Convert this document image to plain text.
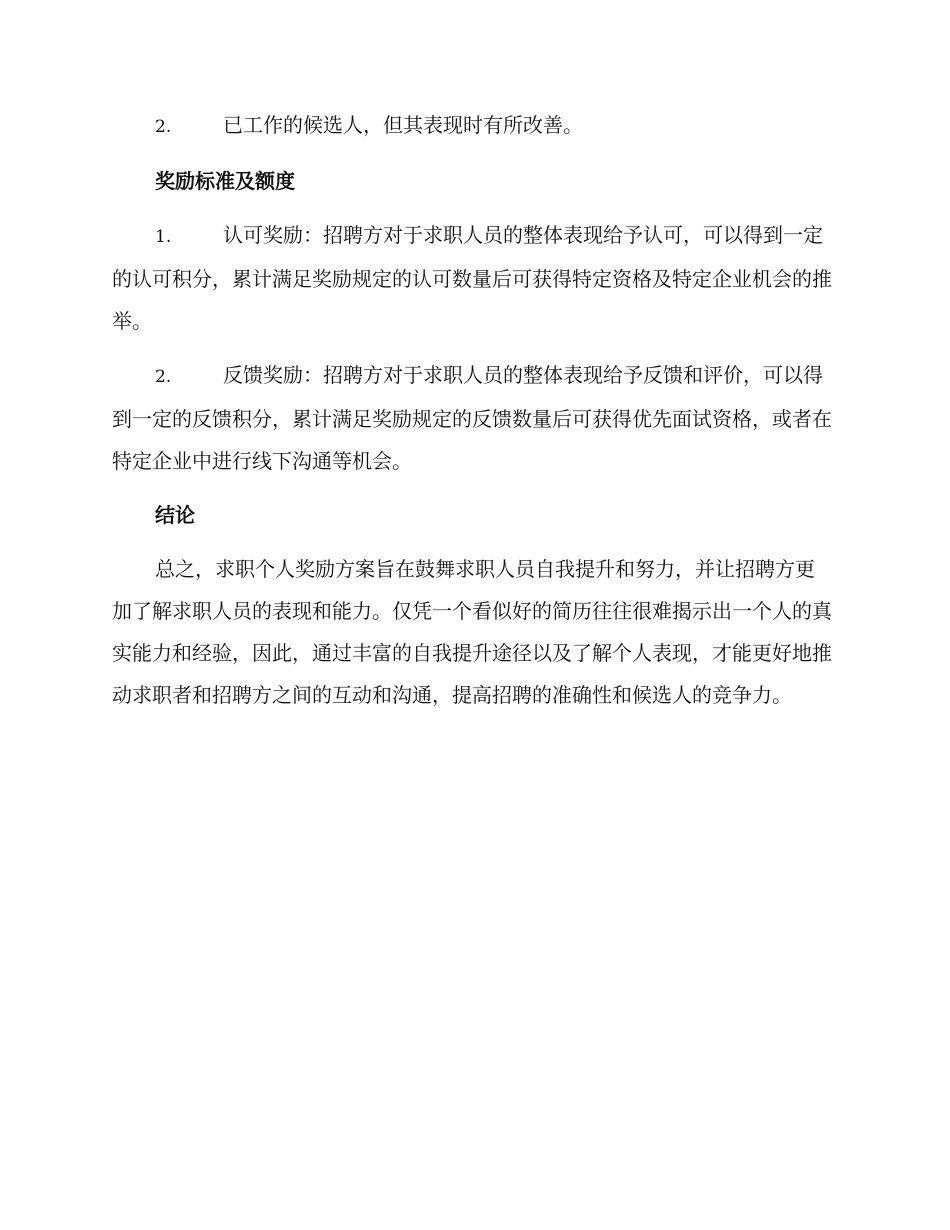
2.	已工作的候选人，但其表现时有所改善。

奖励标准及额度

1.	认可奖励：招聘方对于求职人员的整体表现给予认可，可以得到一定的认可积分，累计满足奖励规定的认可数量后可获得特定资格及特定企业机会的推举。

2.	反馈奖励：招聘方对于求职人员的整体表现给予反馈和评价，可以得到一定的反馈积分，累计满足奖励规定的反馈数量后可获得优先面试资格，或者在特定企业中进行线下沟通等机会。

结论

总之，求职个人奖励方案旨在鼓舞求职人员自我提升和努力，并让招聘方更加了解求职人员的表现和能力。仅凭一个看似好的简历往往很难揭示出一个人的真实能力和经验，因此，通过丰富的自我提升途径以及了解个人表现，才能更好地推动求职者和招聘方之间的互动和沟通，提高招聘的准确性和候选人的竞争力。
